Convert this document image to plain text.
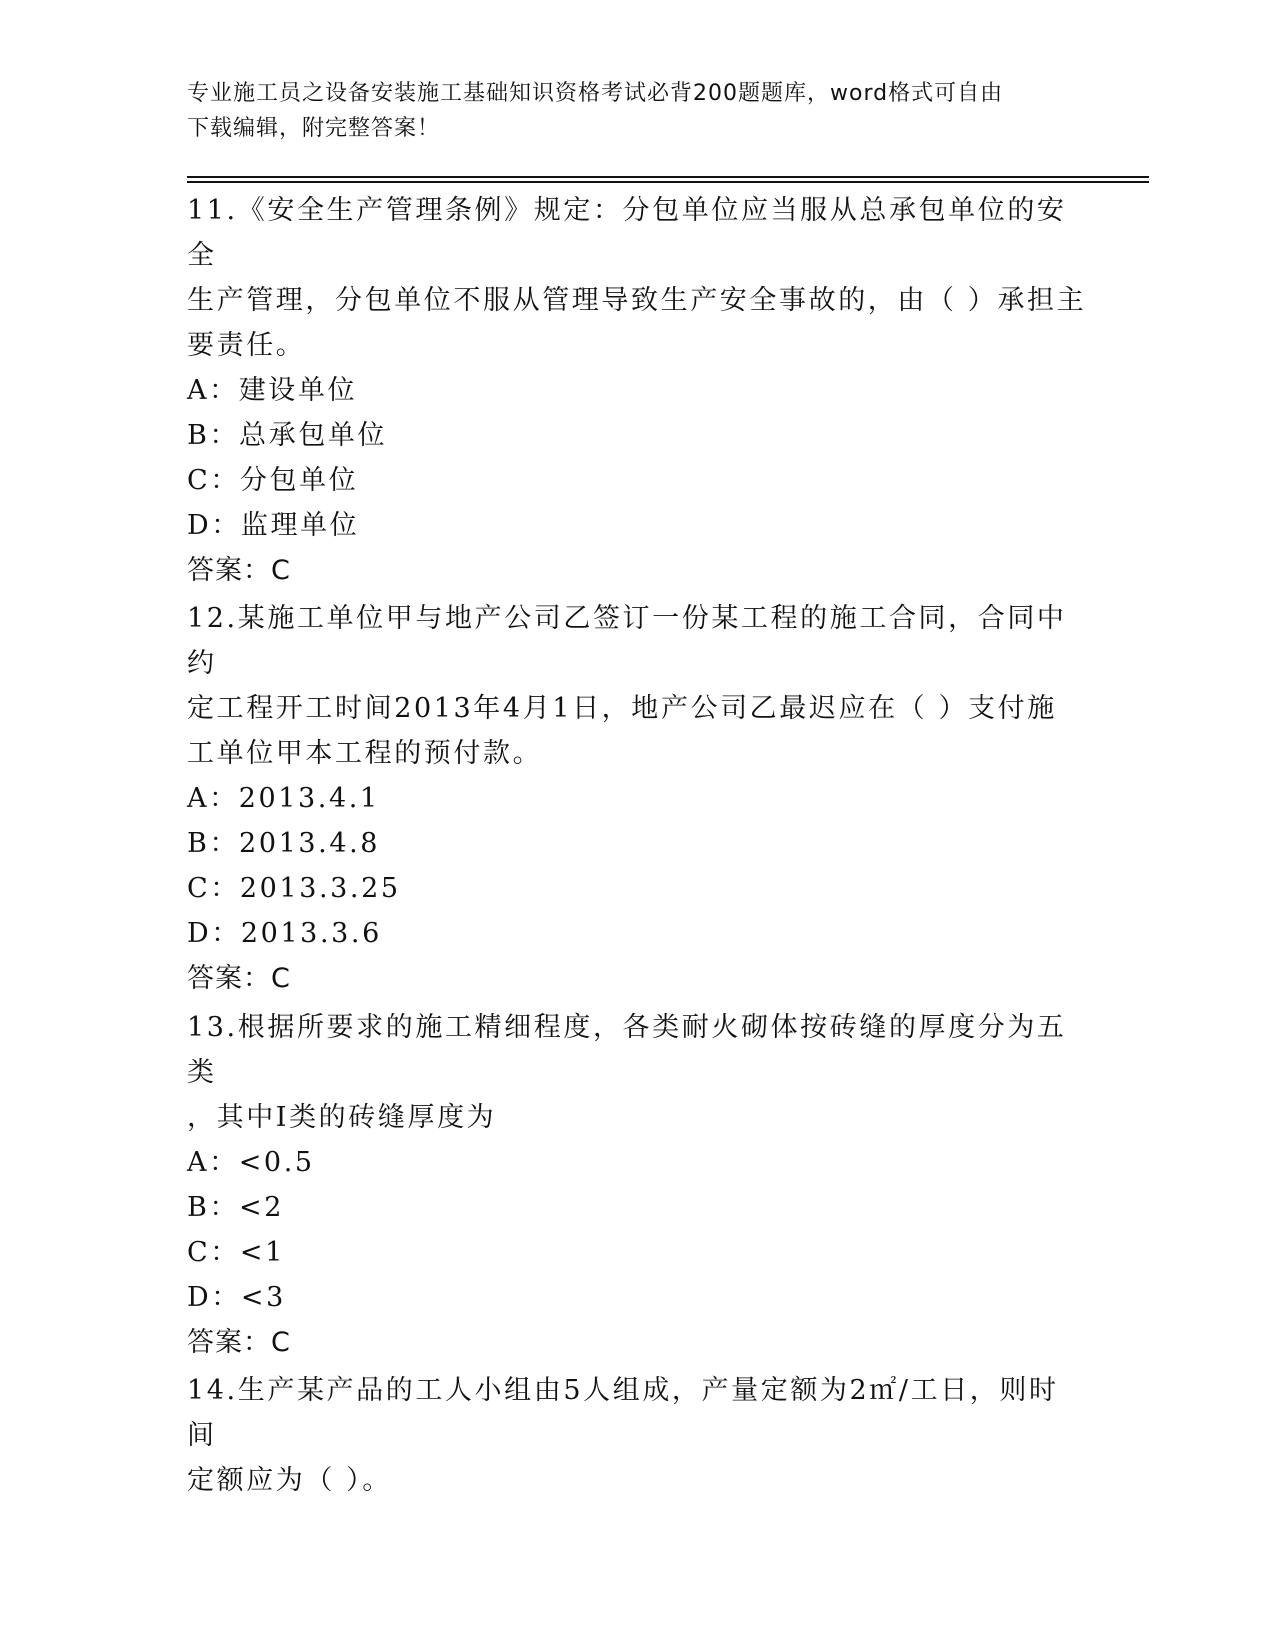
专业施工员之设备安装施工基础知识资格考试必背200题题库，word格式可自由
下载编辑，附完整答案！

11.《安全生产管理条例》规定：分包单位应当服从总承包单位的安全

生产管理，分包单位不服从管理导致生产安全事故的，由（ ）承担主

要责任。

A：建设单位

B：总承包单位

C：分包单位

D：监理单位

答案：C

12.某施工单位甲与地产公司乙签订一份某工程的施工合同，合同中约

定工程开工时间2013年4月1日，地产公司乙最迟应在（ ）支付施

工单位甲本工程的预付款。

A：2013.4.1

B：2013.4.8

C：2013.3.25

D：2013.3.6

答案：C

13.根据所要求的施工精细程度，各类耐火砌体按砖缝的厚度分为五类

，其中Ⅰ类的砖缝厚度为

A：<0.5

B：<2

C：<1

D：<3

答案：C

14.生产某产品的工人小组由5人组成，产量定额为2㎡/工日，则时间

定额应为（ ）。
